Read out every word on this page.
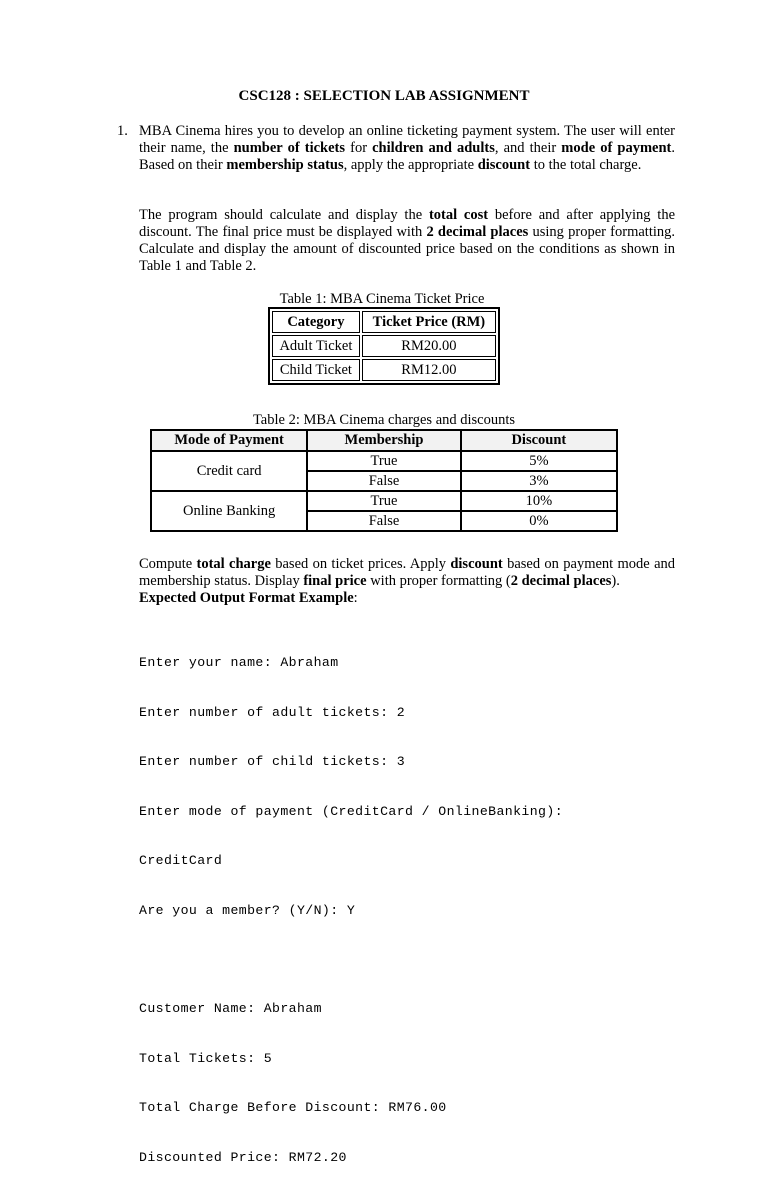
CSC128 : SELECTION LAB ASSIGNMENT
1. MBA Cinema hires you to develop an online ticketing payment system. The user will enter their name, the number of tickets for children and adults, and their mode of payment. Based on their membership status, apply the appropriate discount to the total charge.
The program should calculate and display the total cost before and after applying the discount. The final price must be displayed with 2 decimal places using proper formatting. Calculate and display the amount of discounted price based on the conditions as shown in Table 1 and Table 2.
Table 1: MBA Cinema Ticket Price
Category	Ticket Price (RM)
Adult Ticket	RM20.00
Child Ticket	RM12.00
Table 2: MBA Cinema charges and discounts
Mode of Payment	Membership	Discount
Credit card	True	5%
	False	3%
Online Banking	True	10%
	False	0%
Compute total charge based on ticket prices. Apply discount based on payment mode and membership status. Display final price with proper formatting (2 decimal places).
Expected Output Format Example:

Enter your name: Abraham

Enter number of adult tickets: 2

Enter number of child tickets: 3

Enter mode of payment (CreditCard / OnlineBanking):

CreditCard

Are you a member? (Y/N): Y

Customer Name: Abraham

Total Tickets: 5

Total Charge Before Discount: RM76.00

Discounted Price: RM72.20
